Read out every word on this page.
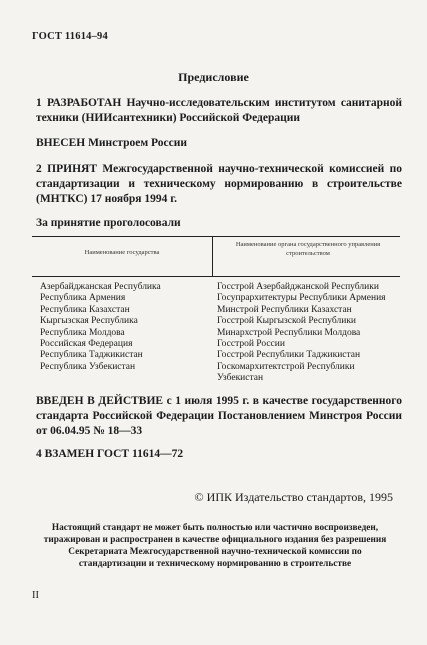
ГОСТ 11614–94
Предисловие

1 РАЗРАБОТАН Научно-исследовательским институтом санитарной техники (НИИсантехники) Российской Федерации

ВНЕСЕН Минстроем России

2 ПРИНЯТ Межгосударственной научно-технической комиссией по стандартизации и техническому нормированию в строительстве (МНТКС) 17 ноября 1994 г.

За принятие проголосовали

Наименование государства
Наименование органа государственного управления строительством
Азербайджанская Республика
Республика Армения
Республика Казахстан
Кыргызская Республика
Республика Молдова
Российская Федерация
Республика Таджикистан
Республика Узбекистан
Госстрой Азербайджанской Республики
Госупрархитектуры Республики Армения
Минстрой Республики Казахстан
Госстрой Кыргызской Республики
Минархстрой Республики Молдова
Госстрой России
Госстрой Республики Таджикистан
Госкомархитектстрой Республики
Узбекистан

ВВЕДЕН В ДЕЙСТВИЕ с 1 июля 1995 г. в качестве государственного стандарта Российской Федерации Постановлением Минстроя России от 06.04.95 № 18—33

4 ВЗАМЕН ГОСТ 11614—72

© ИПК Издательство стандартов, 1995

Настоящий стандарт не может быть полностью или частично воспроизведен, тиражирован и распространен в качестве официального издания без разрешения Секретариата Межгосударственной научно-технической комиссии по стандартизации и техническому нормированию в строительстве

II
